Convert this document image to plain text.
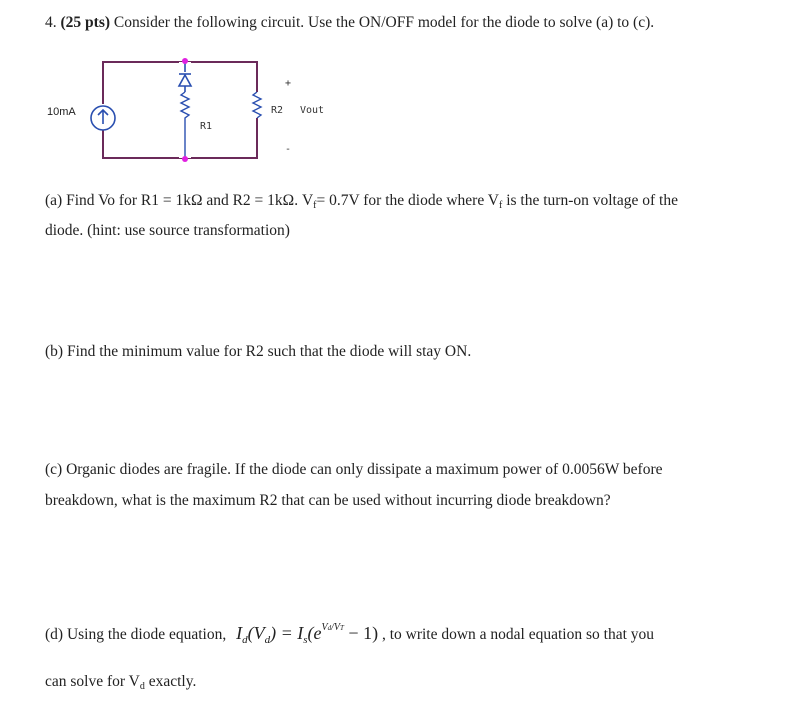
4. (25 pts) Consider the following circuit. Use the ON/OFF model for the diode to solve (a) to (c).
10mA
R1
R2 Vout
+
-
(a) Find Vo for R1 = 1kΩ and R2 = 1kΩ. $V_f= 0.7V$ for the diode where $V_f$ is the turn-on voltage of the
diode. (hint: use source transformation)
(b) Find the minimum value for R2 such that the diode will stay ON.
(c) Organic diodes are fragile. If the diode can only dissipate a maximum power of 0.0056W before
breakdown, what is the maximum R2 that can be used without incurring diode breakdown?
(d) Using the diode equation, $I_d(V_d) = I_s(e^{Vd/VT} - 1)$ , to write down a nodal equation so that you
can solve for $V_d$ exactly.
